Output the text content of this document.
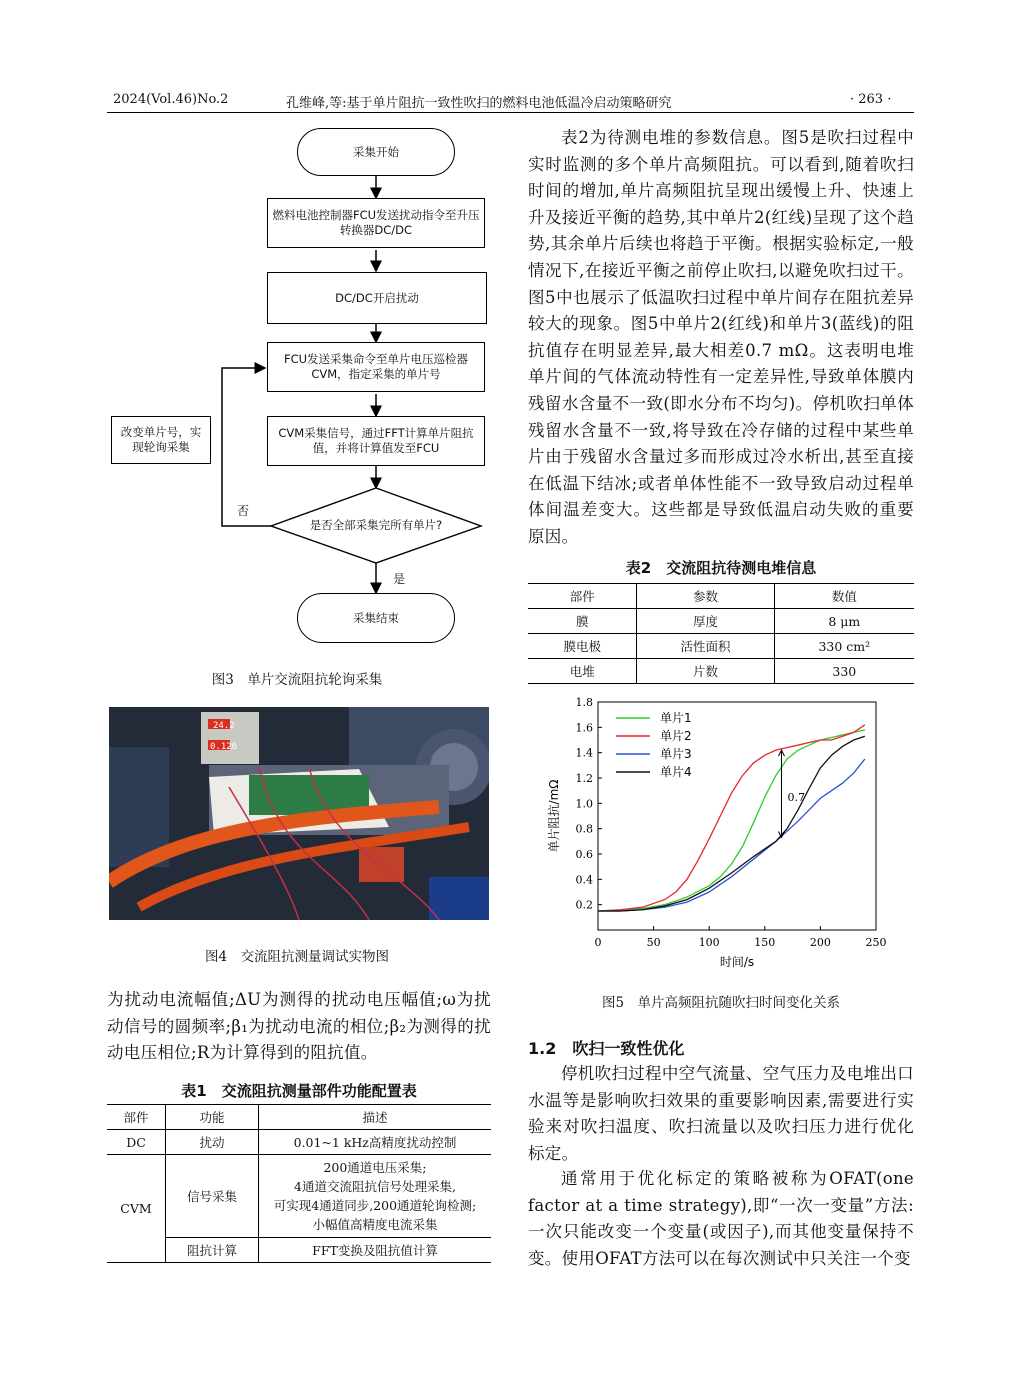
2024(Vol.46)No.2	孔维峰,等:基于单片阻抗一致性吹扫的燃料电池低温冷启动策略研究	· 263 ·
采集开始
燃料电池控制器FCU发送扰动指令至升压转换器DC/DC
DC/DC开启扰动
FCU发送采集命令至单片电压巡检器CVM，指定采集的单片号
CVM采集信号，通过FFT计算单片阻抗值，并将计算值发至FCU
改变单片号，实现轮询采集
是否全部采集完所有单片?
否
是
采集结束
图3　单片交流阻抗轮询采集
24.2
0.126
图4　交流阻抗测量调试实物图
为扰动电流幅值;ΔU为测得的扰动电压幅值;ω为扰动信号的圆频率;β₁为扰动电流的相位;β₂为测得的扰动电压相位;R为计算得到的阻抗值。
表1　交流阻抗测量部件功能配置表
部件	功能	描述
DC	扰动	0.01~1 kHz高精度扰动控制
CVM	信号采集	200通道电压采集;
4通道交流阻抗信号处理采集,
可实现4通道同步,200通道轮询检测;
小幅值高精度电流采集

	阻抗计算	FFT变换及阻抗值计算
表2为待测电堆的参数信息。图5是吹扫过程中实时监测的多个单片高频阻抗。可以看到,随着吹扫时间的增加,单片高频阻抗呈现出缓慢上升、快速上升及接近平衡的趋势,其中单片2(红线)呈现了这个趋势,其余单片后续也将趋于平衡。根据实验标定,一般情况下,在接近平衡之前停止吹扫,以避免吹扫过干。图5中也展示了低温吹扫过程中单片间存在阻抗差异较大的现象。图5中单片2(红线)和单片3(蓝线)的阻抗值存在明显差异,最大相差0.7 mΩ。这表明电堆单片间的气体流动特性有一定差异性,导致单体膜内残留水含量不一致(即水分布不均匀)。停机吹扫单体残留水含量不一致,将导致在冷存储的过程中某些单片由于残留水含量过多而形成过冷水析出,甚至直接在低温下结冰;或者单体性能不一致导致启动过程单体间温差变大。这些都是导致低温启动失败的重要原因。
表2　交流阻抗待测电堆信息
部件	参数	数值
膜	厚度	8 μm
膜电极	活性面积	330 cm²
电堆	片数	330
0	50	100	150	200	250
0.2
0.4
0.6
0.8
1.0
1.2
1.4
1.6
1.8
时间/s
单片阻抗/mΩ
单片1
单片2
单片3
单片4
0.7
图5　单片高频阻抗随吹扫时间变化关系
1.2　吹扫一致性优化
停机吹扫过程中空气流量、空气压力及电堆出口水温等是影响吹扫效果的重要影响因素,需要进行实验来对吹扫温度、吹扫流量以及吹扫压力进行优化标定。
通常用于优化标定的策略被称为OFAT(one factor at a time strategy),即“一次一变量”方法:一次只能改变一个变量(或因子),而其他变量保持不变。使用OFAT方法可以在每次测试中只关注一个变
